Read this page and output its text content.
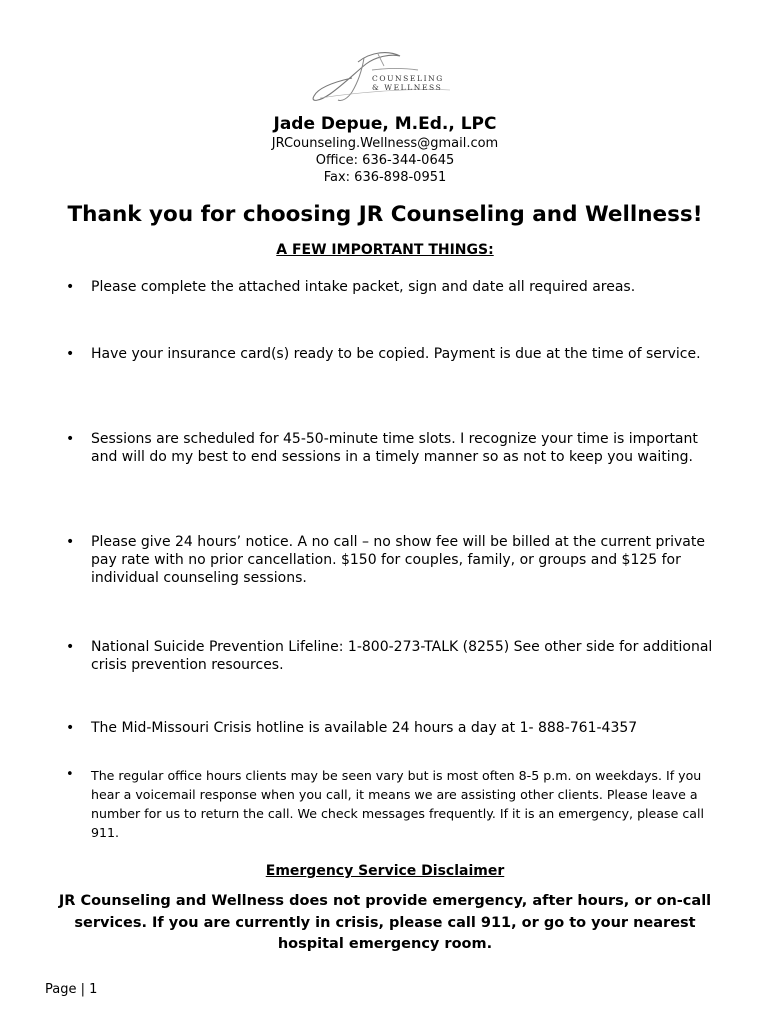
COUNSELING
& WELLNESS
Jade Depue, M.Ed., LPC
JRCounseling.Wellness@gmail.com
Office: 636-344-0645
Fax: 636-898-0951
Thank you for choosing JR Counseling and Wellness!
A FEW IMPORTANT THINGS:
• Please complete the attached intake packet, sign and date all required areas.
• Have your insurance card(s) ready to be copied. Payment is due at the time of service.
• Sessions are scheduled for 45-50-minute time slots. I recognize your time is important and will do my best to end sessions in a timely manner so as not to keep you waiting.
• Please give 24 hours’ notice. A no call – no show fee will be billed at the current private pay rate with no prior cancellation. $150 for couples, family, or groups and $125 for individual counseling sessions.
• National Suicide Prevention Lifeline: 1-800-273-TALK (8255) See other side for additional crisis prevention resources.
• The Mid-Missouri Crisis hotline is available 24 hours a day at 1- 888-761-4357
• The regular office hours clients may be seen vary but is most often 8-5 p.m. on weekdays. If you hear a voicemail response when you call, it means we are assisting other clients. Please leave a number for us to return the call. We check messages frequently. If it is an emergency, please call 911.
Emergency Service Disclaimer
JR Counseling and Wellness does not provide emergency, after hours, or on-call services. If you are currently in crisis, please call 911, or go to your nearest hospital emergency room.
Page | 1
